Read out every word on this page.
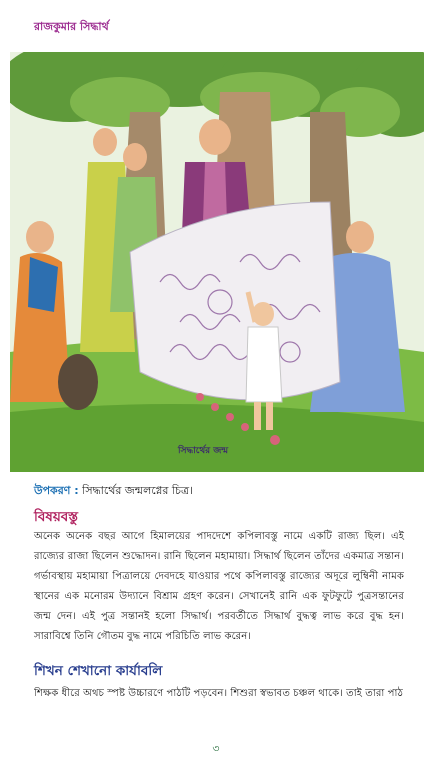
রাজকুমার সিদ্ধার্থ
সিদ্ধার্থের জন্ম
উপকরণ : সিদ্ধার্থের জন্মলগ্নের চিত্র।
বিষয়বস্তু
অনেক অনেক বছর আগে হিমালয়ের পাদদেশে কপিলাবস্তু নামে একটি রাজ্য ছিল। এই রাজ্যের রাজা ছিলেন শুদ্ধোদন। রানি ছিলেন মহামায়া। সিদ্ধার্থ ছিলেন তাঁদের একমাত্র সন্তান। গর্ভাবস্থায় মহামায়া পিত্রালয়ে দেবদহে যাওয়ার পথে কপিলাবস্তু রাজ্যের অদূরে লুম্বিনী নামক স্থানের এক মনোরম উদ্যানে বিশ্রাম গ্রহণ করেন। সেখানেই রানি এক ফুটফুটে পুত্রসন্তানের জন্ম দেন। এই পুত্র সন্তানই হলো সিদ্ধার্থ। পরবর্তীতে সিদ্ধার্থ বুদ্ধত্ব লাভ করে বুদ্ধ হন। সারাবিশ্বে তিনি গৌতম বুদ্ধ নামে পরিচিতি লাভ করেন।
শিখন শেখানো কার্যাবলি
শিক্ষক ধীরে অথচ স্পষ্ট উচ্চারণে পাঠটি পড়বেন। শিশুরা স্বভাবত চঞ্চল থাকে। তাই তারা পাঠ
৩
